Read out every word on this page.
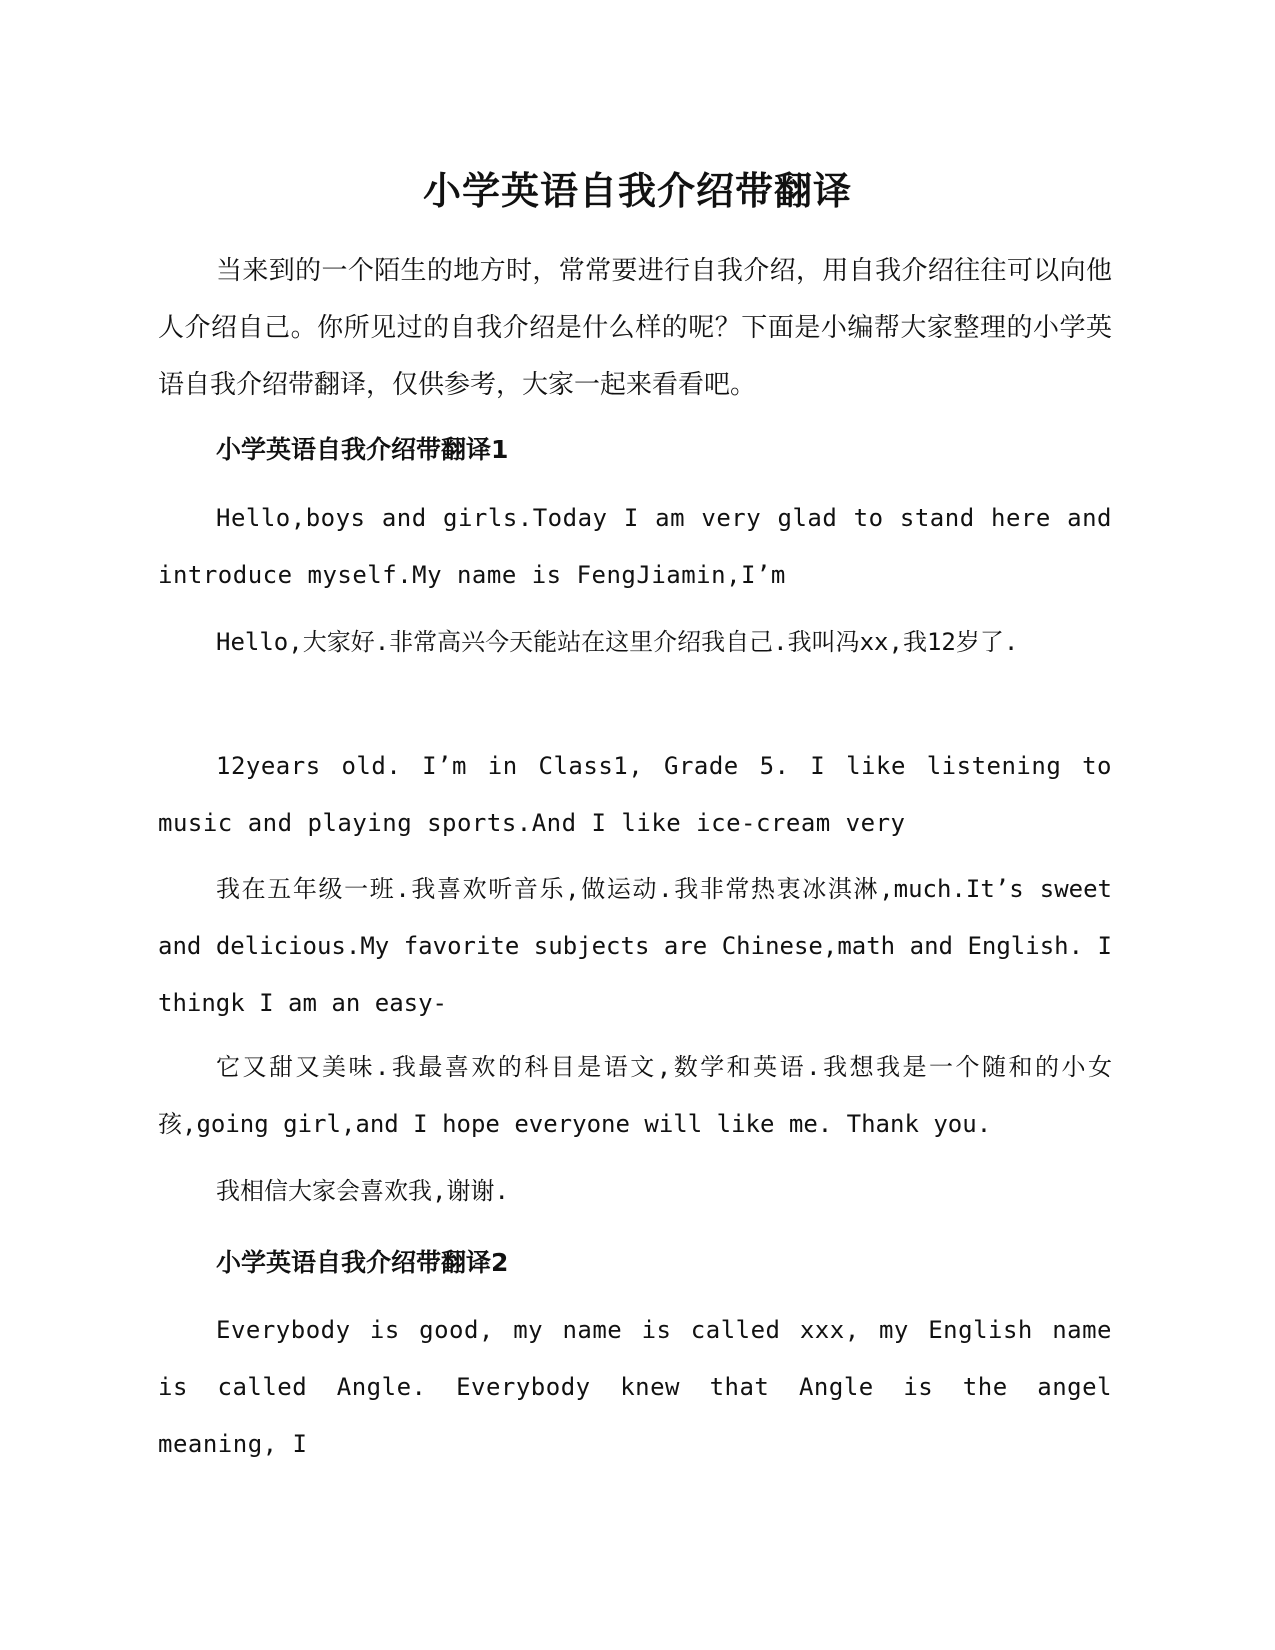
小学英语自我介绍带翻译

当来到的一个陌生的地方时，常常要进行自我介绍，用自我介绍往往可以向他人介绍自己。你所见过的自我介绍是什么样的呢？下面是小编帮大家整理的小学英语自我介绍带翻译，仅供参考，大家一起来看看吧。

小学英语自我介绍带翻译1

Hello,boys and girls.Today I am very glad to stand here and introduce myself.My name is FengJiamin,I’m

Hello,大家好.非常高兴今天能站在这里介绍我自己.我叫冯xx,我12岁了.

12years old. I’m in Class1, Grade 5. I like listening to music and playing sports.And I like ice-cream very

我在五年级一班.我喜欢听音乐,做运动.我非常热衷冰淇淋,much.It’s sweet and delicious.My favorite subjects are Chinese,math and English. I thingk I am an easy-

它又甜又美味.我最喜欢的科目是语文,数学和英语.我想我是一个随和的小女孩,going girl,and I hope everyone will like me. Thank you.

我相信大家会喜欢我,谢谢.

小学英语自我介绍带翻译2

Everybody is good, my name is called xxx, my English name is called Angle. Everybody knew that Angle is the angel meaning, I
